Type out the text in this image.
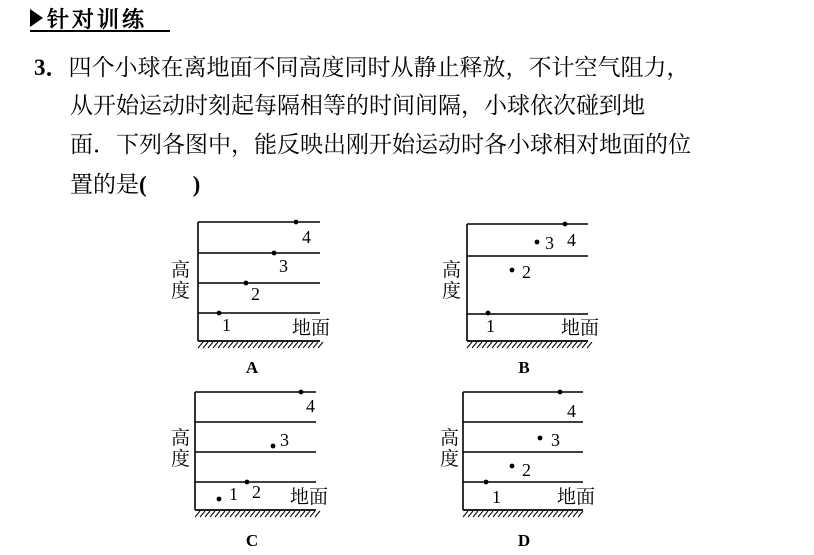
针对训练
3．四个小球在离地面不同高度同时从静止释放，不计空气阻力，
从开始运动时刻起每隔相等的时间间隔，小球依次碰到地
面．下列各图中，能反映出刚开始运动时各小球相对地面的位
置的是(　　)
1
2
3
4
高
度
地面
A
1
2
3 4
高
度
地面
B
1 2
3
4
高
度
地面
C
1
2
3
4
高
度
地面
D
